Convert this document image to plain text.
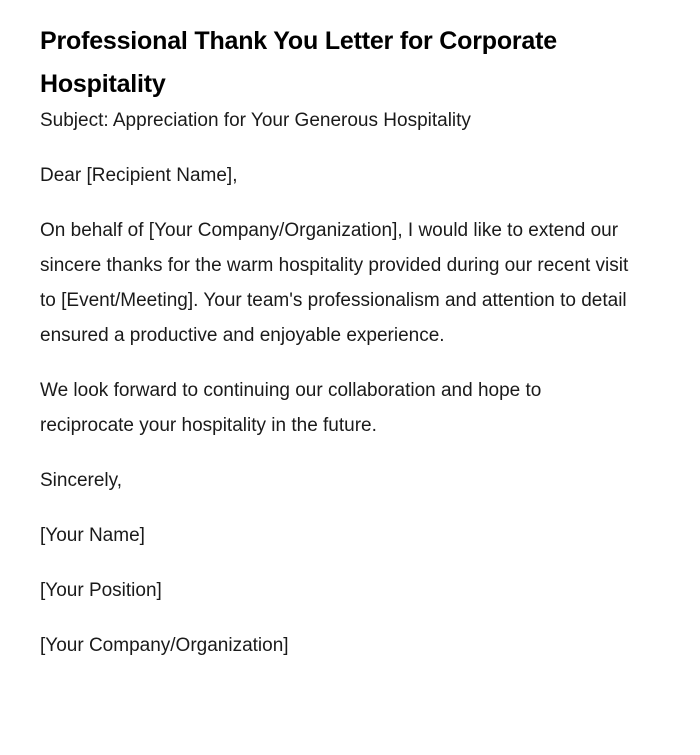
Professional Thank You Letter for Corporate Hospitality

Subject: Appreciation for Your Generous Hospitality

Dear [Recipient Name],

On behalf of [Your Company/Organization], I would like to extend our sincere thanks for the warm hospitality provided during our recent visit to [Event/Meeting]. Your team's professionalism and attention to detail ensured a productive and enjoyable experience.

We look forward to continuing our collaboration and hope to reciprocate your hospitality in the future.

Sincerely,

[Your Name]

[Your Position]

[Your Company/Organization]
